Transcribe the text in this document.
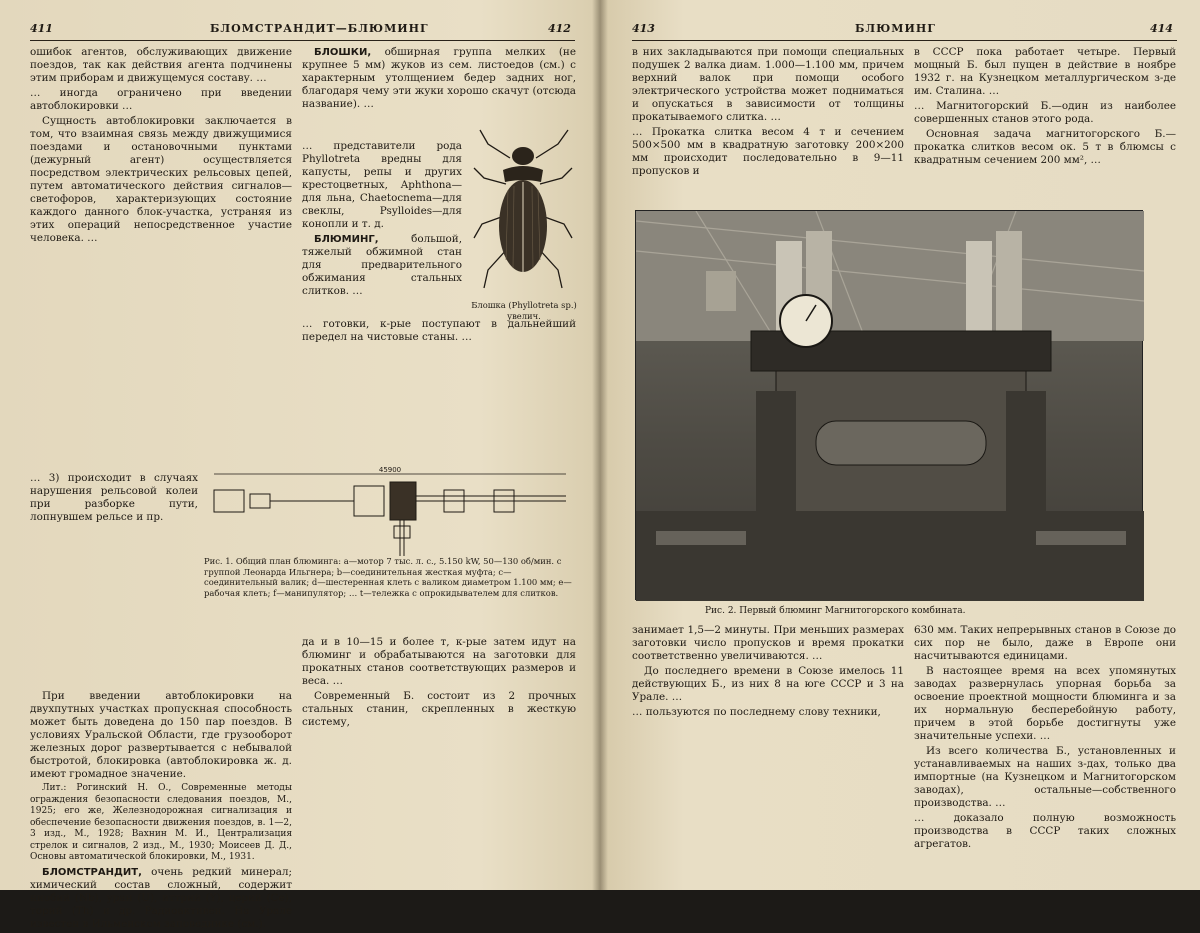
411	БЛОМСТРАНДИТ—БЛЮМИНГ	412	413	БЛЮМИНГ	414

ошибок агентов, обслуживающих движение поездов, так как действия агента подчинены этим приборам и движущемуся составу. …

… иногда ограничено при введении автоблокировки …

Сущность автоблокировки заключается в том, что взаимная связь между движущимися поездами и остановочными пунктами (дежурный агент) осуществляется посредством электрических рельсовых цепей, путем автоматического действия сигналов—светофоров, характеризующих состояние каждого данного блок-участка, устраняя из этих операций непосредственное участие человека. …

… 3) происходит в случаях нарушения рельсовой колеи при разборке пути, лопнувшем рельсе и пр.

При введении автоблокировки на двухпутных участках пропускная способность может быть доведена до 150 пар поездов. В условиях Уральской Области, где грузооборот железных дорог развертывается с небывалой быстротой, блокировка (автоблокировка ж. д. имеют громадное значение.

Лит.: Рогинский Н. О., Современные методы ограждения безопасности следования поездов, М., 1925; его же, Железнодорожная сигнализация и обеспечение безопасности движения поездов, в. 1—2, 3 изд., М., 1928; Вахнин М. И., Централизация стрелок и сигналов, 2 изд., М., 1930; Моисеев Д. Д., Основы автоматической блокировки, М., 1931.

БЛОМСТРАНДИТ, очень редкий минерал; химический состав сложный, содержит ниобий (Nb), уран (U), иттрий (Y), церий (Ce), торий (Th) и др. Радиоактивен. На Урале известен в Ильменском заповеднике (см.).

БЛОШКИ, обширная группа мелких (не крупнее 5 мм) жуков из сем. листоедов (см.) с характерным утолщением бедер задних ног, благодаря чему эти жуки хорошо скачут (отсюда название). …

… представители рода Phyllotreta вредны для капусты, репы и других крестоцветных, Aphthona—для льна, Chaetocnema—для свеклы, Psylloides—для конопли и т. д.

БЛЮМИНГ,	большой, тяжелый обжимной стан для предварительного обжимания стальных слитков. …

… готовки, к-рые поступают в дальнейший передел на чистовые станы. …

да и в 10—15 и более т, к-рые затем идут на блюминг и обрабатываются на заготовки для прокатных станов соответствующих размеров и веса. …

Современный Б. состоит из 2 прочных стальных станин, скрепленных в жесткую систему,

Блошка (Phyllotreta sp.) увелич.
45900
Рис. 1. Общий план блюминга: a—мотор 7 тыс. л. с., 5.150 kW, 50—130 об/мин. с группой Леонарда Ильгнера; b—соединительная жесткая муфта; c—соединительный валик; d—шестеренная клеть с валиком диаметром 1.100 мм; e—рабочая клеть; f—манипулятор; … t—тележка с опрокидывателем для слитков.

в них закладываются при помощи специальных подушек 2 валка диам. 1.000—1.100 мм, причем верхний валок при помощи особого электрического устройства может подниматься и опускаться в зависимости от толщины прокатываемого слитка. …

… Прокатка слитка весом 4 т и сечением 500×500 мм в квадратную заготовку 200×200 мм происходит последовательно в 9—11 пропусков и

в СССР пока работает четыре. Первый мощный Б. был пущен в действие в ноябре 1932 г. на Кузнецком металлургическом з-де им. Сталина. …

… Магнитогорский Б.—один из наиболее совершенных станов этого рода.

Основная задача магнитогорского Б.—прокатка слитков весом ок. 5 т в блюмсы с квадратным сечением 200 мм², …

Рис. 2. Первый блюминг Магнитогорского комбината.

занимает 1,5—2 минуты. При меньших размерах заготовки число пропусков и время прокатки соответственно увеличиваются. …

До последнего времени в Союзе имелось 11 действующих Б., из них 8 на юге СССР и 3 на Урале. …

… пользуются по последнему слову техники,

630 мм. Таких непрерывных станов в Союзе до сих пор не было, даже в Европе они насчитываются единицами.

В настоящее время на всех упомянутых заводах развернулась упорная борьба за освоение проектной мощности блюминга и за их нормальную бесперебойную работу, причем в этой борьбе достигнуты уже значительные успехи. …

Из всего количества Б., установленных и устанавливаемых на наших з-дах, только два импортные (на Кузнецком и Магнитогорском заводах), остальные—собственного производства. …

… доказало полную возможность производства в СССР таких сложных агрегатов.
